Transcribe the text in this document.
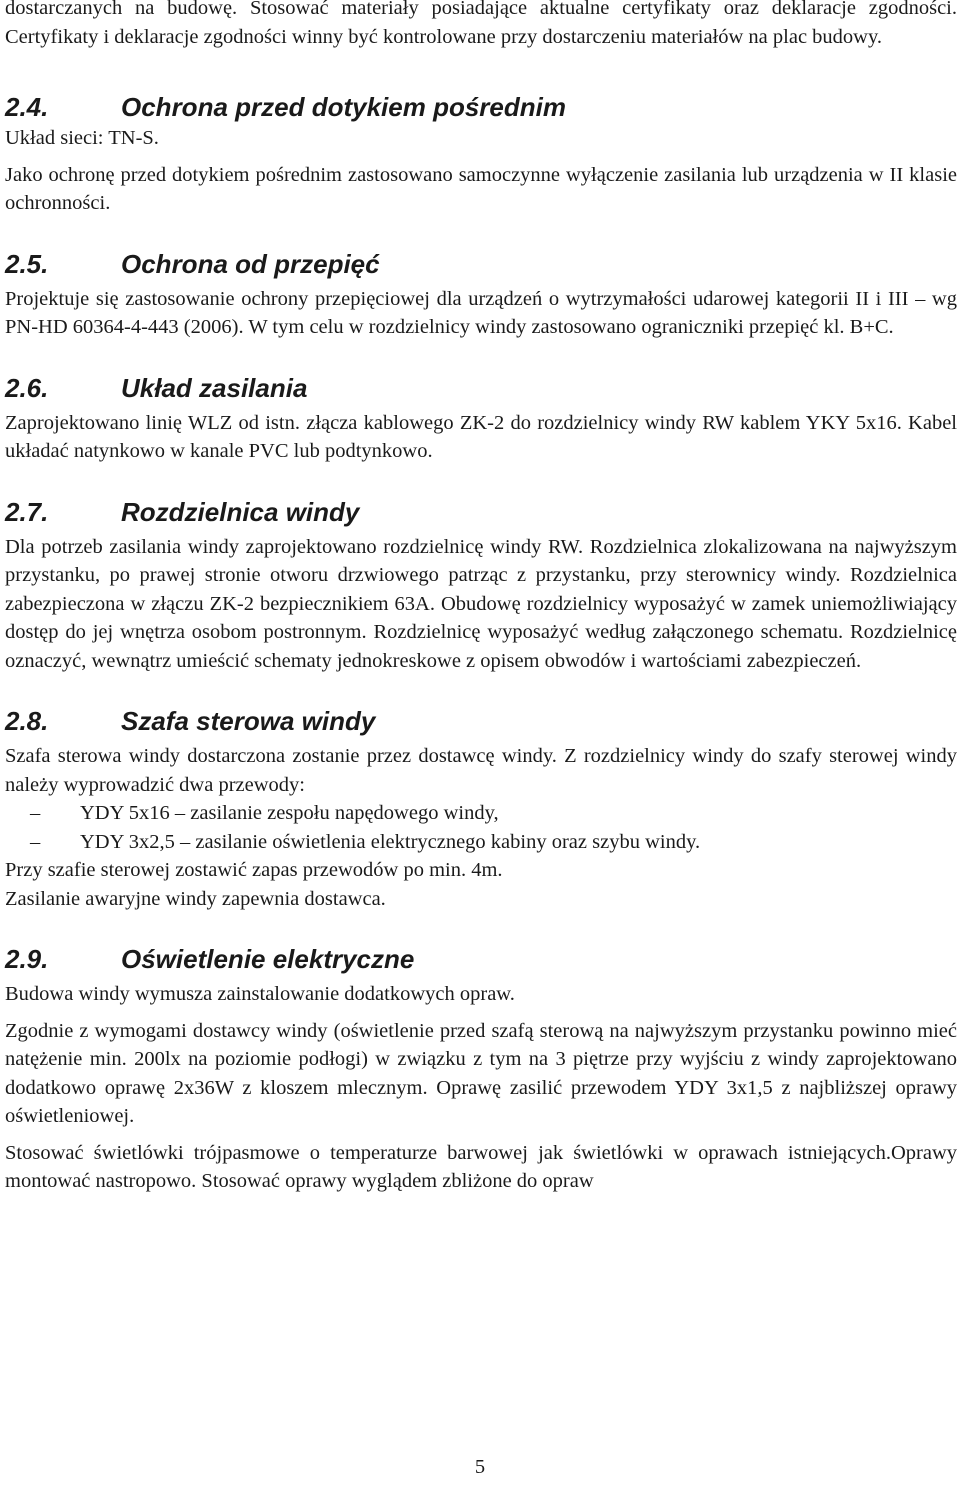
dostarczanych na budowę. Stosować materiały posiadające aktualne certyfikaty oraz deklaracje zgodności. Certyfikaty i deklaracje zgodności winny być kontrolowane przy dostarczeniu materiałów na plac budowy.

2.4.	Ochrona przed dotykiem pośrednim

Układ sieci: TN-S.

Jako ochronę przed dotykiem pośrednim zastosowano samoczynne wyłączenie zasilania lub urządzenia w II klasie ochronności.

2.5.	Ochrona od przepięć

Projektuje się zastosowanie ochrony przepięciowej dla urządzeń o wytrzymałości udarowej kategorii II i III – wg PN-HD 60364-4-443 (2006). W tym celu w rozdzielnicy windy zastosowano ograniczniki przepięć kl. B+C.

2.6.	Układ zasilania

Zaprojektowano linię WLZ od istn. złącza kablowego ZK-2 do rozdzielnicy windy RW kablem YKY 5x16. Kabel układać natynkowo w kanale PVC lub podtynkowo.

2.7.	Rozdzielnica windy

Dla potrzeb zasilania windy zaprojektowano rozdzielnicę windy RW. Rozdzielnica zlokalizowana na najwyższym przystanku, po prawej stronie otworu drzwiowego patrząc z przystanku, przy sterownicy windy. Rozdzielnica zabezpieczona w złączu ZK-2 bezpiecznikiem 63A. Obudowę rozdzielnicy wyposażyć w zamek uniemożliwiający dostęp do jej wnętrza osobom postronnym. Rozdzielnicę wyposażyć według załączonego schematu. Rozdzielnicę oznaczyć, wewnątrz umieścić schematy jednokreskowe z opisem obwodów i wartościami zabezpieczeń.

2.8.	Szafa sterowa windy

Szafa sterowa windy dostarczona zostanie przez dostawcę windy. Z rozdzielnicy windy do szafy sterowej windy należy wyprowadzić dwa przewody:

–	YDY 5x16 – zasilanie zespołu napędowego windy,
–	YDY 3x2,5 – zasilanie oświetlenia elektrycznego kabiny oraz szybu windy.

Przy szafie sterowej zostawić zapas przewodów po min. 4m.

Zasilanie awaryjne windy zapewnia dostawca.

2.9.	Oświetlenie elektryczne

Budowa windy wymusza zainstalowanie dodatkowych opraw.

Zgodnie z wymogami dostawcy windy (oświetlenie przed szafą sterową na najwyższym przystanku powinno mieć natężenie min. 200lx na poziomie podłogi) w związku z tym na 3 piętrze przy wyjściu z windy zaprojektowano dodatkowo oprawę 2x36W z kloszem mlecznym. Oprawę zasilić przewodem YDY 3x1,5 z najbliższej oprawy oświetleniowej.

Stosować świetlówki trójpasmowe o temperaturze barwowej jak świetlówki w oprawach istniejących.Oprawy montować nastropowo. Stosować oprawy wyglądem zbliżone do opraw

5
